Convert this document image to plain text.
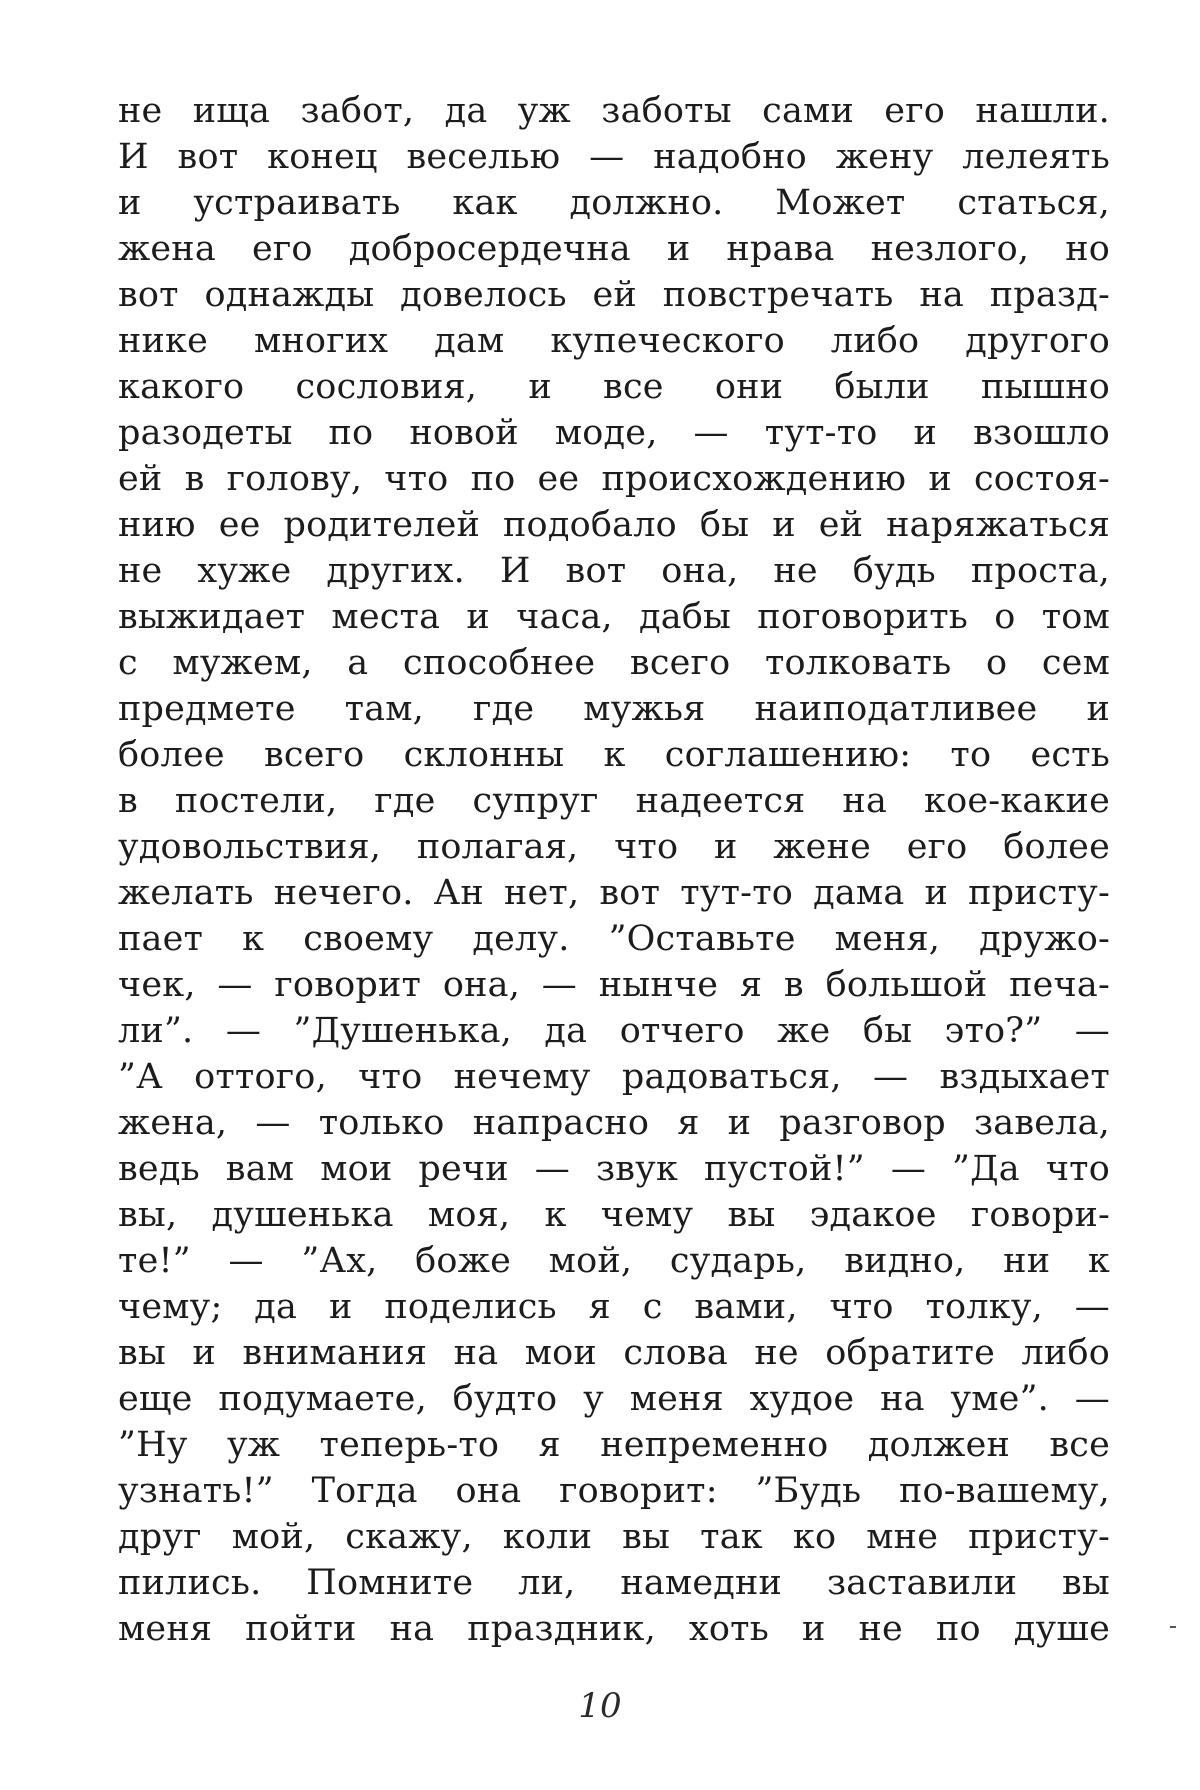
не ища забот, да уж заботы сами его нашли.
И вот конец веселью — надобно жену лелеять
и устраивать как должно. Может статься,
жена его добросердечна и нрава незлого, но
вот однажды довелось ей повстречать на празд-
нике многих дам купеческого либо другого
какого сословия, и все они были пышно
разодеты по новой моде, — тут-то и взошло
ей в голову, что по ее происхождению и состоя-
нию ее родителей подобало бы и ей наряжаться
не хуже других. И вот она, не будь проста,
выжидает места и часа, дабы поговорить о том
с мужем, а способнее всего толковать о сем
предмете там, где мужья наиподатливее и
более всего склонны к соглашению: то есть
в постели, где супруг надеется на кое-какие
удовольствия, полагая, что и жене его более
желать нечего. Ан нет, вот тут-то дама и присту-
пает к своему делу. ”Оставьте меня, дружо-
чек, — говорит она, — нынче я в большой печа-
ли”. — ”Душенька, да отчего же бы это?” —
”А оттого, что нечему радоваться, — вздыхает
жена, — только напрасно я и разговор завела,
ведь вам мои речи — звук пустой!” — ”Да что
вы, душенька моя, к чему вы эдакое говори-
те!” — ”Ах, боже мой, сударь, видно, ни к
чему; да и поделись я с вами, что толку, —
вы и внимания на мои слова не обратите либо
еще подумаете, будто у меня худое на уме”. —
”Ну уж теперь-то я непременно должен все
узнать!” Тогда она говорит: ”Будь по-вашему,
друг мой, скажу, коли вы так ко мне присту-
пились. Помните ли, намедни заставили вы
меня пойти на праздник, хоть и не по душе
10
